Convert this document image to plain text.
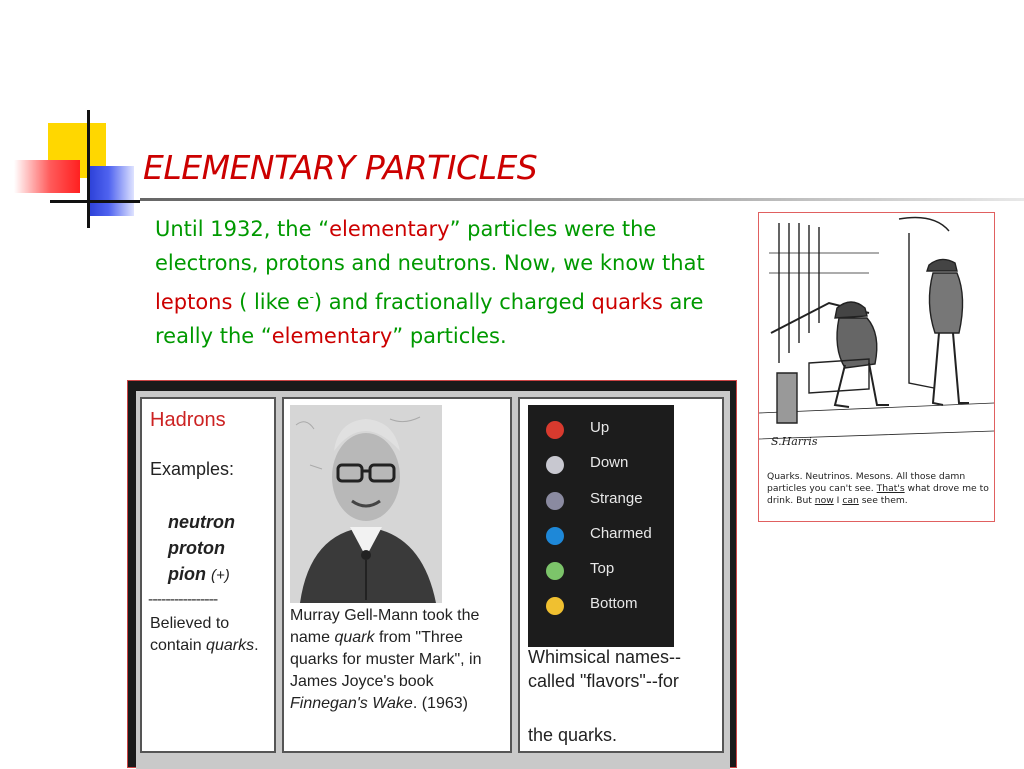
ELEMENTARY PARTICLES

Until 1932, the “elementary” particles were the electrons, protons and neutrons. Now, we know that leptons ( like e-) and fractionally charged quarks are really the “elementary” particles.

S.Harris
Quarks. Neutrinos. Mesons. All those damn particles you can't see. That's what drove me to drink. But now I can see them.
Hadrons
Examples:
neutron
proton
pion (+)
----------------
Believed to contain quarks.
Murray Gell-Mann took the name quark from "Three quarks for muster Mark", in James Joyce's book Finnegan's Wake. (1963)
Up
Down
Strange
Charmed
Top
Bottom
Whimsical names--called "flavors"--for
the quarks.
